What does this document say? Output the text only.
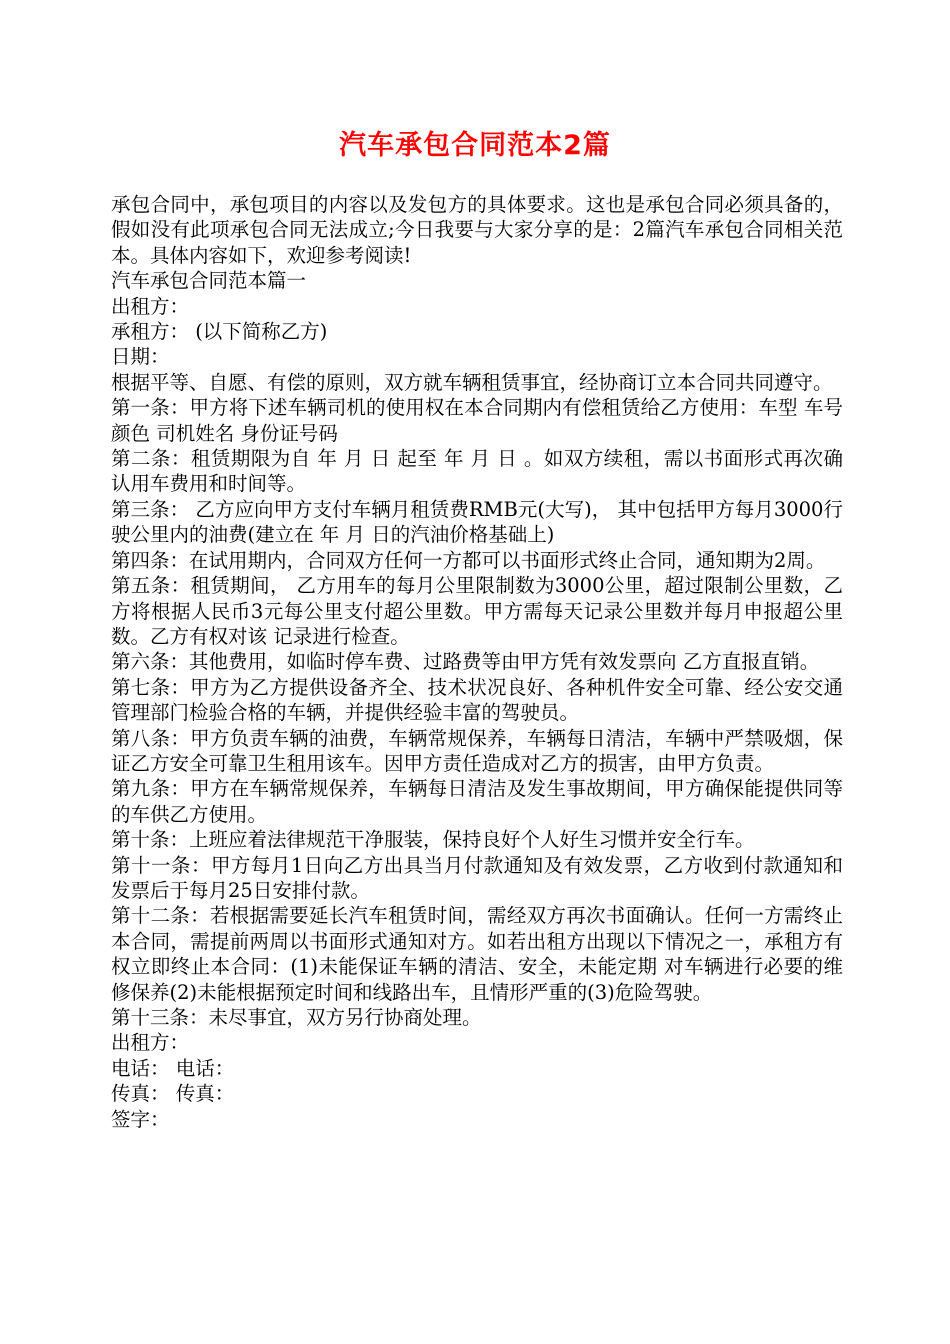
汽车承包合同范本2篇

承包合同中，承包项目的内容以及发包方的具体要求。这也是承包合同必须具备的，假如没有此项承包合同无法成立;今日我要与大家分享的是：2篇汽车承包合同相关范本。具体内容如下，欢迎参考阅读!

汽车承包合同范本篇一

出租方：

承租方： (以下简称乙方)

日期：

根据平等、自愿、有偿的原则，双方就车辆租赁事宜，经协商订立本合同共同遵守。

第一条：甲方将下述车辆司机的使用权在本合同期内有偿租赁给乙方使用：车型 车号 颜色 司机姓名 身份证号码

第二条：租赁期限为自 年 月 日 起至 年 月 日 。如双方续租，需以书面形式再次确认用车费用和时间等。

第三条： 乙方应向甲方支付车辆月租赁费RMB元(大写)， 其中包括甲方每月3000行驶公里内的油费(建立在 年 月 日的汽油价格基础上)

第四条：在试用期内，合同双方任何一方都可以书面形式终止合同，通知期为2周。

第五条：租赁期间， 乙方用车的每月公里限制数为3000公里，超过限制公里数，乙方将根据人民币3元每公里支付超公里数。甲方需每天记录公里数并每月申报超公里数。乙方有权对该 记录进行检查。

第六条：其他费用，如临时停车费、过路费等由甲方凭有效发票向 乙方直报直销。

第七条：甲方为乙方提供设备齐全、技术状况良好、各种机件安全可靠、经公安交通管理部门检验合格的车辆，并提供经验丰富的驾驶员。

第八条：甲方负责车辆的油费，车辆常规保养，车辆每日清洁，车辆中严禁吸烟，保证乙方安全可靠卫生租用该车。因甲方责任造成对乙方的损害，由甲方负责。

第九条：甲方在车辆常规保养，车辆每日清洁及发生事故期间，甲方确保能提供同等的车供乙方使用。

第十条：上班应着法律规范干净服装，保持良好个人好生习惯并安全行车。

第十一条：甲方每月1日向乙方出具当月付款通知及有效发票，乙方收到付款通知和发票后于每月25日安排付款。

第十二条：若根据需要延长汽车租赁时间，需经双方再次书面确认。任何一方需终止本合同，需提前两周以书面形式通知对方。如若出租方出现以下情况之一，承租方有权立即终止本合同：(1)未能保证车辆的清洁、安全，未能定期 对车辆进行必要的维修保养(2)未能根据预定时间和线路出车，且情形严重的(3)危险驾驶。

第十三条：未尽事宜，双方另行协商处理。

出租方：

电话： 电话：

传真： 传真：

签字：
